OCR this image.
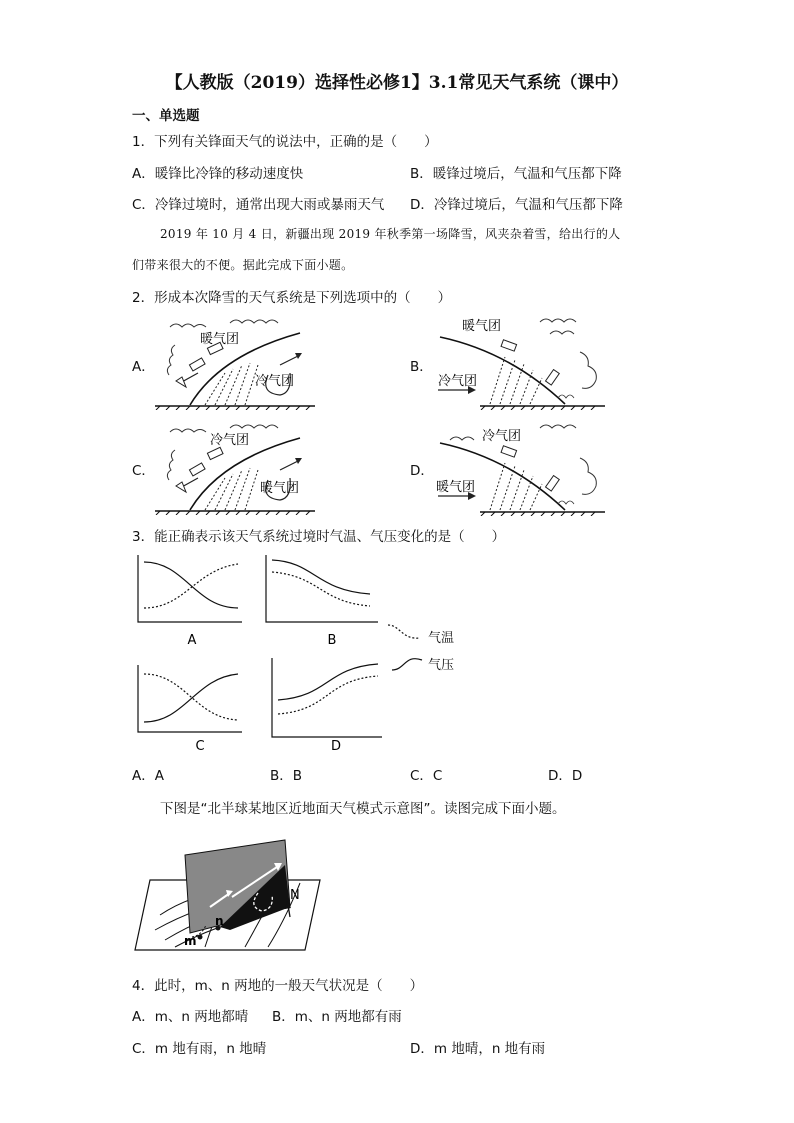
【人教版（2019）选择性必修1】3.1常见天气系统（课中）
一、单选题
1．下列有关锋面天气的说法中，正确的是（　　）
A．暖锋比冷锋的移动速度快	B．暖锋过境后，气温和气压都下降
C．冷锋过境时，通常出现大雨或暴雨天气 D．冷锋过境后，气温和气压都下降
2019 年 10 月 4 日，新疆出现 2019 年秋季第一场降雪，风夹杂着雪，给出行的人
们带来很大的不便。据此完成下面小题。
2．形成本次降雪的天气系统是下列选项中的（　　）
A．	B．
C．	D．
暖气团
冷气团
暖气团
冷气团
冷气团
暖气团
冷气团
暖气团
3．能正确表示该天气系统过境时气温、气压变化的是（　　）
A	B
C	D
气温
气压
A．A	B．B	C．C	D．D
下图是“北半球某地区近地面天气模式示意图”。读图完成下面小题。
m
n
N
4．此时，m、n 两地的一般天气状况是（　　）
A．m、n 两地都晴 B．m、n 两地都有雨
C．m 地有雨，n 地晴	D．m 地晴，n 地有雨
